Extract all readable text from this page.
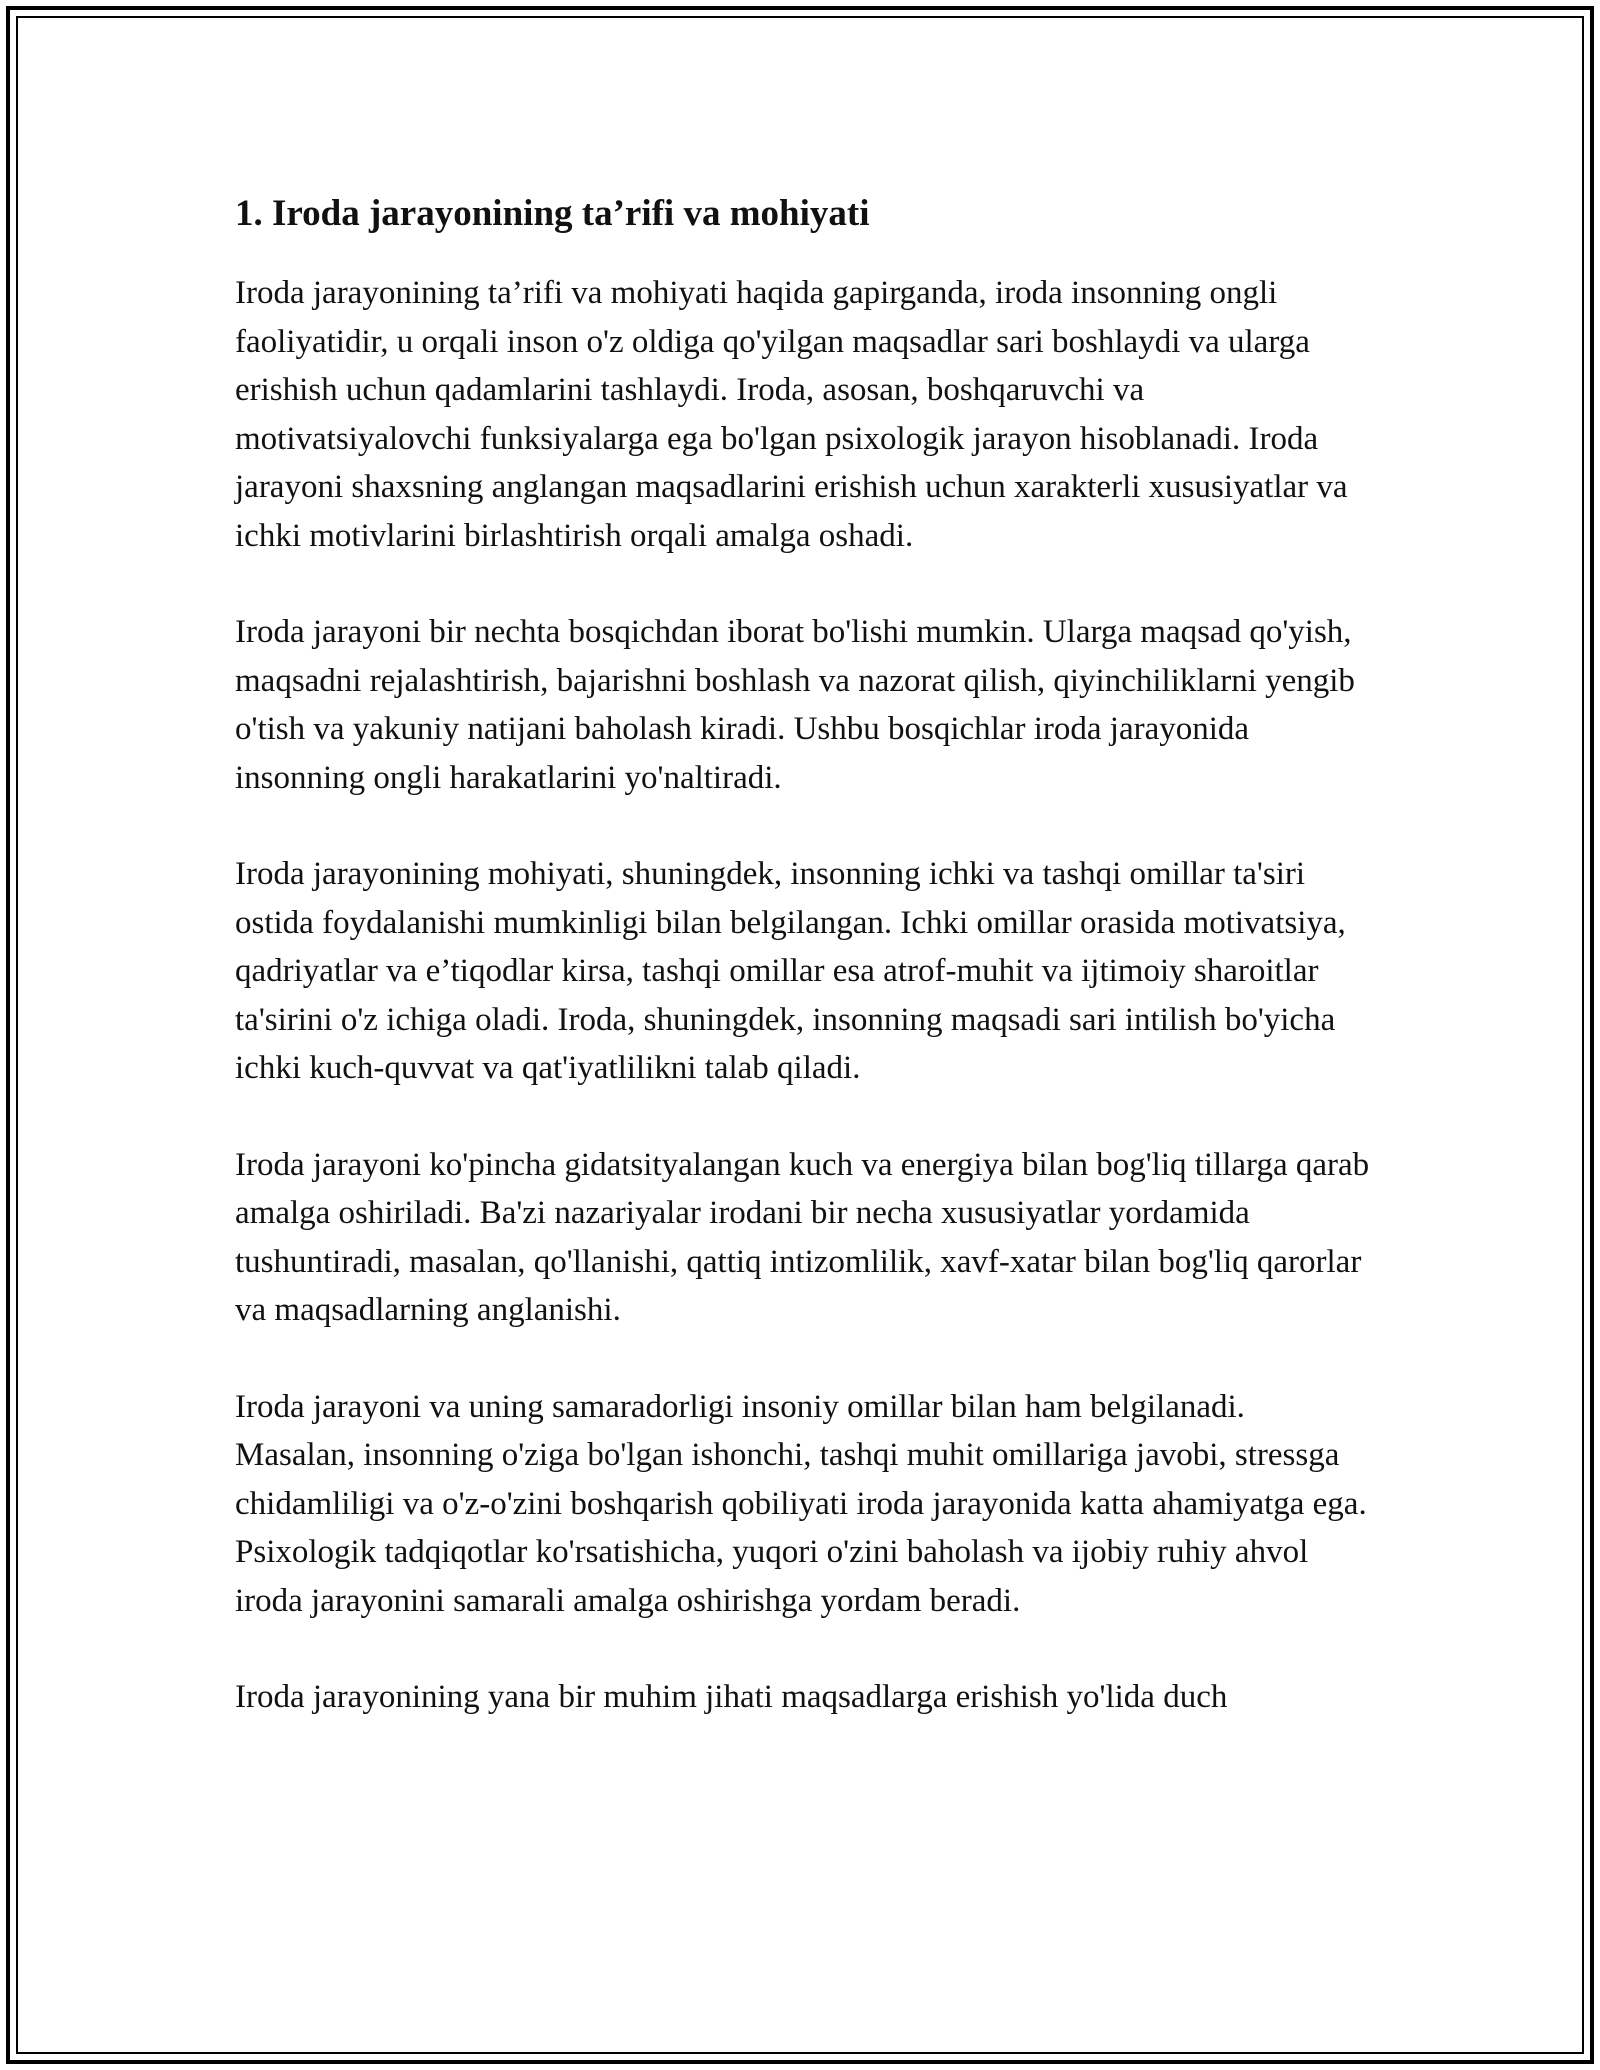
1. Iroda jarayonining ta’rifi va mohiyati

Iroda jarayonining ta’rifi va mohiyati haqida gapirganda, iroda insonning ongli faoliyatidir, u orqali inson o'z oldiga qo'yilgan maqsadlar sari boshlaydi va ularga erishish uchun qadamlarini tashlaydi. Iroda, asosan, boshqaruvchi va motivatsiyalovchi funksiyalarga ega bo'lgan psixologik jarayon hisoblanadi. Iroda jarayoni shaxsning anglangan maqsadlarini erishish uchun xarakterli xususiyatlar va ichki motivlarini birlashtirish orqali amalga oshadi.

Iroda jarayoni bir nechta bosqichdan iborat bo'lishi mumkin. Ularga maqsad qo'yish, maqsadni rejalashtirish, bajarishni boshlash va nazorat qilish, qiyinchiliklarni yengib o'tish va yakuniy natijani baholash kiradi. Ushbu bosqichlar iroda jarayonida insonning ongli harakatlarini yo'naltiradi.

Iroda jarayonining mohiyati, shuningdek, insonning ichki va tashqi omillar ta'siri ostida foydalanishi mumkinligi bilan belgilangan. Ichki omillar orasida motivatsiya, qadriyatlar va e’tiqodlar kirsa, tashqi omillar esa atrof-muhit va ijtimoiy sharoitlar ta'sirini o'z ichiga oladi. Iroda, shuningdek, insonning maqsadi sari intilish bo'yicha ichki kuch-quvvat va qat'iyatlilikni talab qiladi.

Iroda jarayoni ko'pincha gidatsityalangan kuch va energiya bilan bog'liq tillarga qarab amalga oshiriladi. Ba'zi nazariyalar irodani bir necha xususiyatlar yordamida tushuntiradi, masalan, qo'llanishi, qattiq intizomlilik, xavf-xatar bilan bog'liq qarorlar va maqsadlarning anglanishi.

Iroda jarayoni va uning samaradorligi insoniy omillar bilan ham belgilanadi. Masalan, insonning o'ziga bo'lgan ishonchi, tashqi muhit omillariga javobi, stressga chidamliligi va o'z-o'zini boshqarish qobiliyati iroda jarayonida katta ahamiyatga ega. Psixologik tadqiqotlar ko'rsatishicha, yuqori o'zini baholash va ijobiy ruhiy ahvol iroda jarayonini samarali amalga oshirishga yordam beradi.

Iroda jarayonining yana bir muhim jihati maqsadlarga erishish yo'lida duch
